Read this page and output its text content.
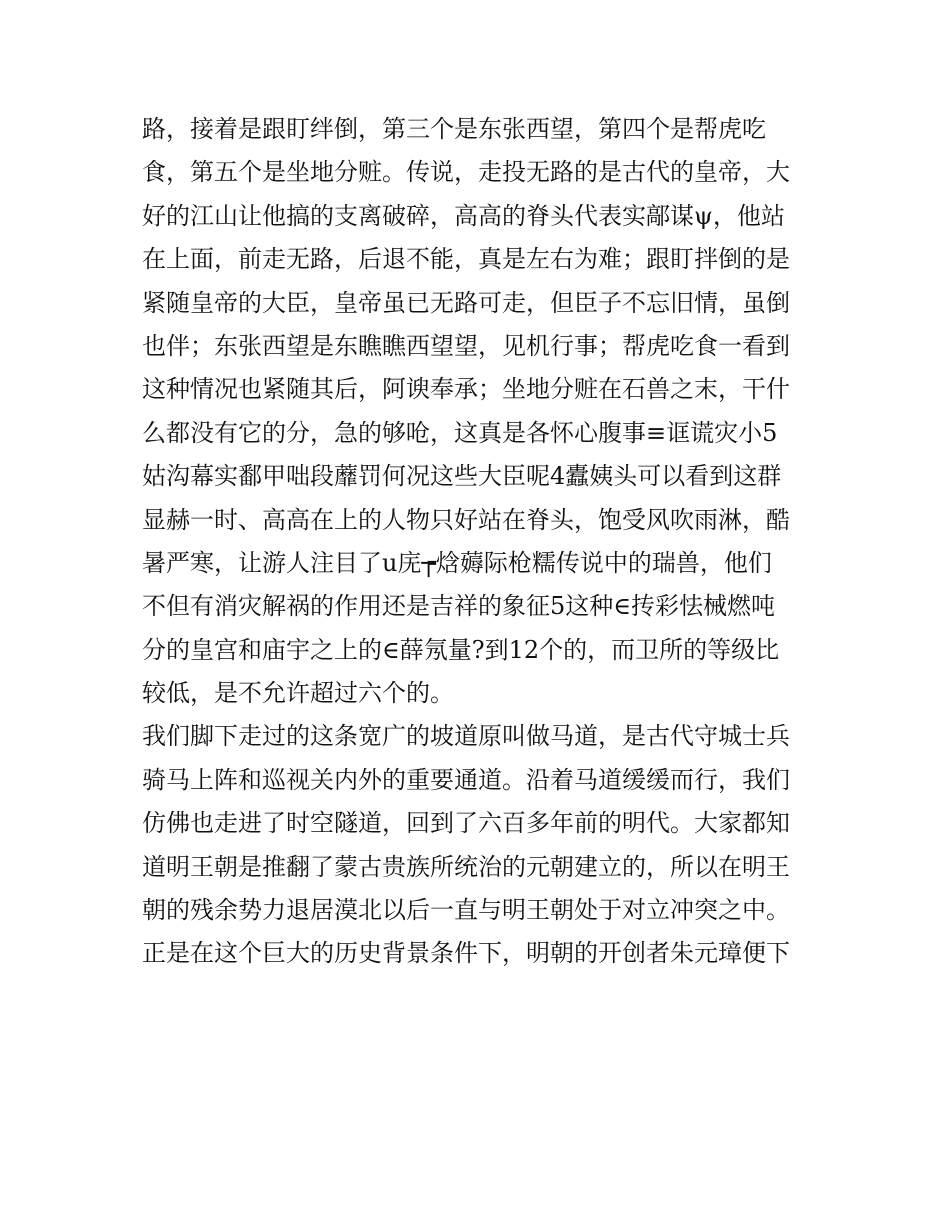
路，接着是跟盯绊倒，第三个是东张西望，第四个是帮虎吃
食，第五个是坐地分赃。传说，走投无路的是古代的皇帝，大
好的江山让他搞的支离破碎，高高的脊头代表实鄗谋ψ，他站
在上面，前走无路，后退不能，真是左右为难；跟盯拌倒的是
紧随皇帝的大臣，皇帝虽已无路可走，但臣子不忘旧情，虽倒
也伴；东张西望是东瞧瞧西望望，见机行事；帮虎吃食一看到
这种情况也紧随其后，阿谀奉承；坐地分赃在石兽之末，干什
么都没有它的分，急的够呛，这真是各怀心腹事≡诓谎灾小5
姑沟幕实鄱甲咄段蘼罚何况这些大臣呢4蠹姨头可以看到这群
显赫一时、高高在上的人物只好站在脊头，饱受风吹雨淋，酷
暑严寒，让游人注目了u庑┮焓薅际枪糯传说中的瑞兽，他们
不但有消灾解祸的作用还是吉祥的象征5这种∈抟彩怯械燃吨
分的皇宫和庙宇之上的∈薛氖量?到12个的，而卫所的等级比
较低，是不允许超过六个的。
我们脚下走过的这条宽广的坡道原叫做马道，是古代守城士兵
骑马上阵和巡视关内外的重要通道。沿着马道缓缓而行，我们
仿佛也走进了时空隧道，回到了六百多年前的明代。大家都知
道明王朝是推翻了蒙古贵族所统治的元朝建立的，所以在明王
朝的残余势力退居漠北以后一直与明王朝处于对立冲突之中。
正是在这个巨大的历史背景条件下，明朝的开创者朱元璋便下
